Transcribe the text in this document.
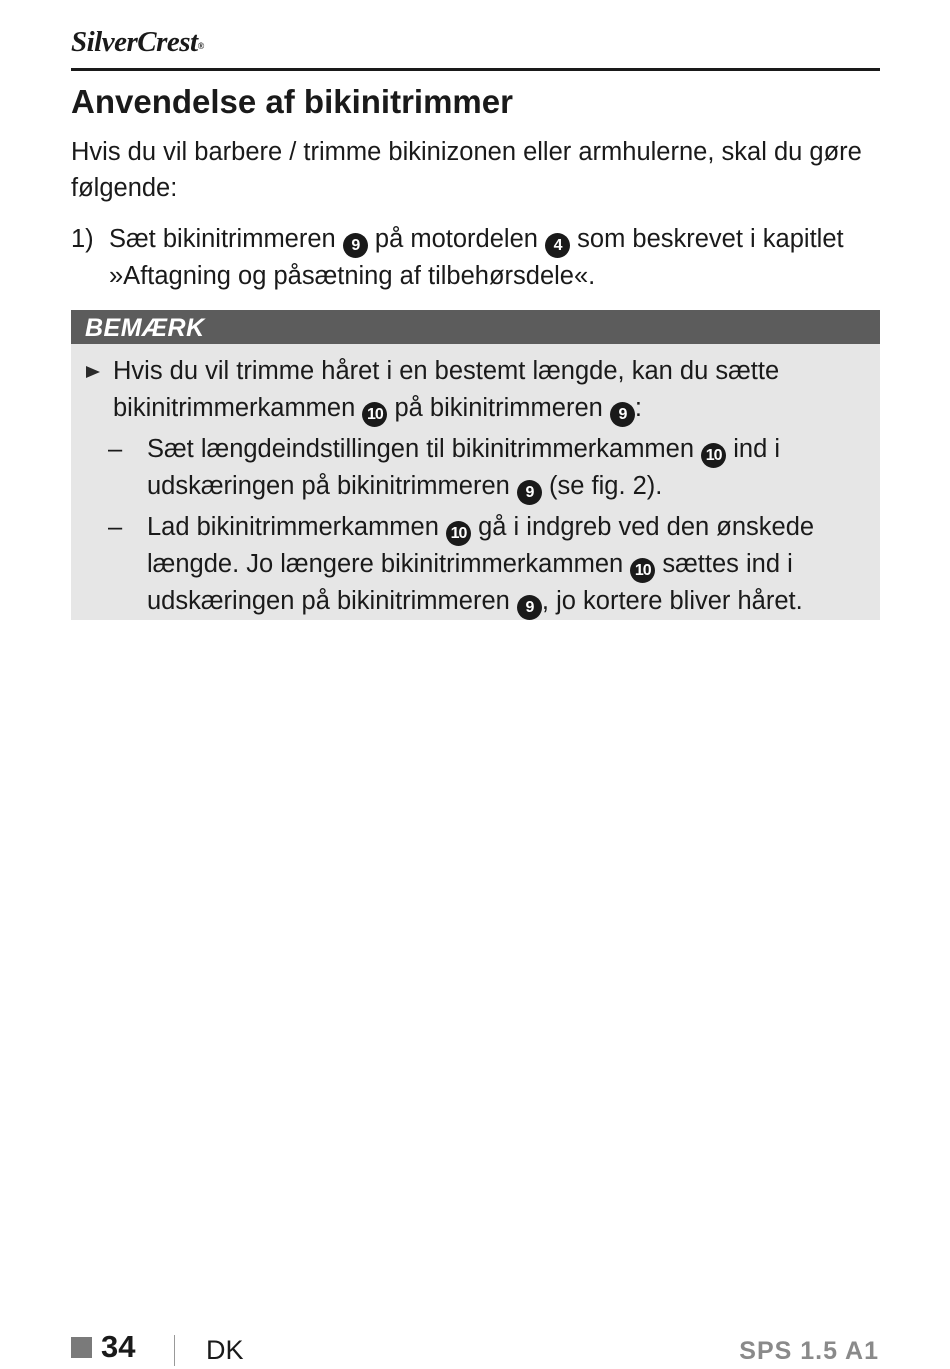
SilverCrest®
Anvendelse af bikinitrimmer

Hvis du vil barbere / trimme bikinizonen eller armhulerne, skal du gøre følgende:

1) Sæt bikinitrimmeren 9 på motordelen 4 som beskrevet i kapitlet »Aftagning og påsætning af tilbehørsdele«.
BEMÆRK

Hvis du vil trimme håret i en bestemt længde, kan du sætte bikinitrimmerkammen 10 på bikinitrimmeren 9 :

– Sæt længdeindstillingen til bikinitrimmerkammen 10 ind i udskæringen på bikinitrimmeren 9 (se fig. 2).

– Lad bikinitrimmerkammen 10 gå i indgreb ved den ønskede længde. Jo længere bikinitrimmerkammen 10 sættes ind i udskæringen på bikinitrimmeren 9 , jo kortere bliver håret.

34	DK	SPS 1.5 A1
